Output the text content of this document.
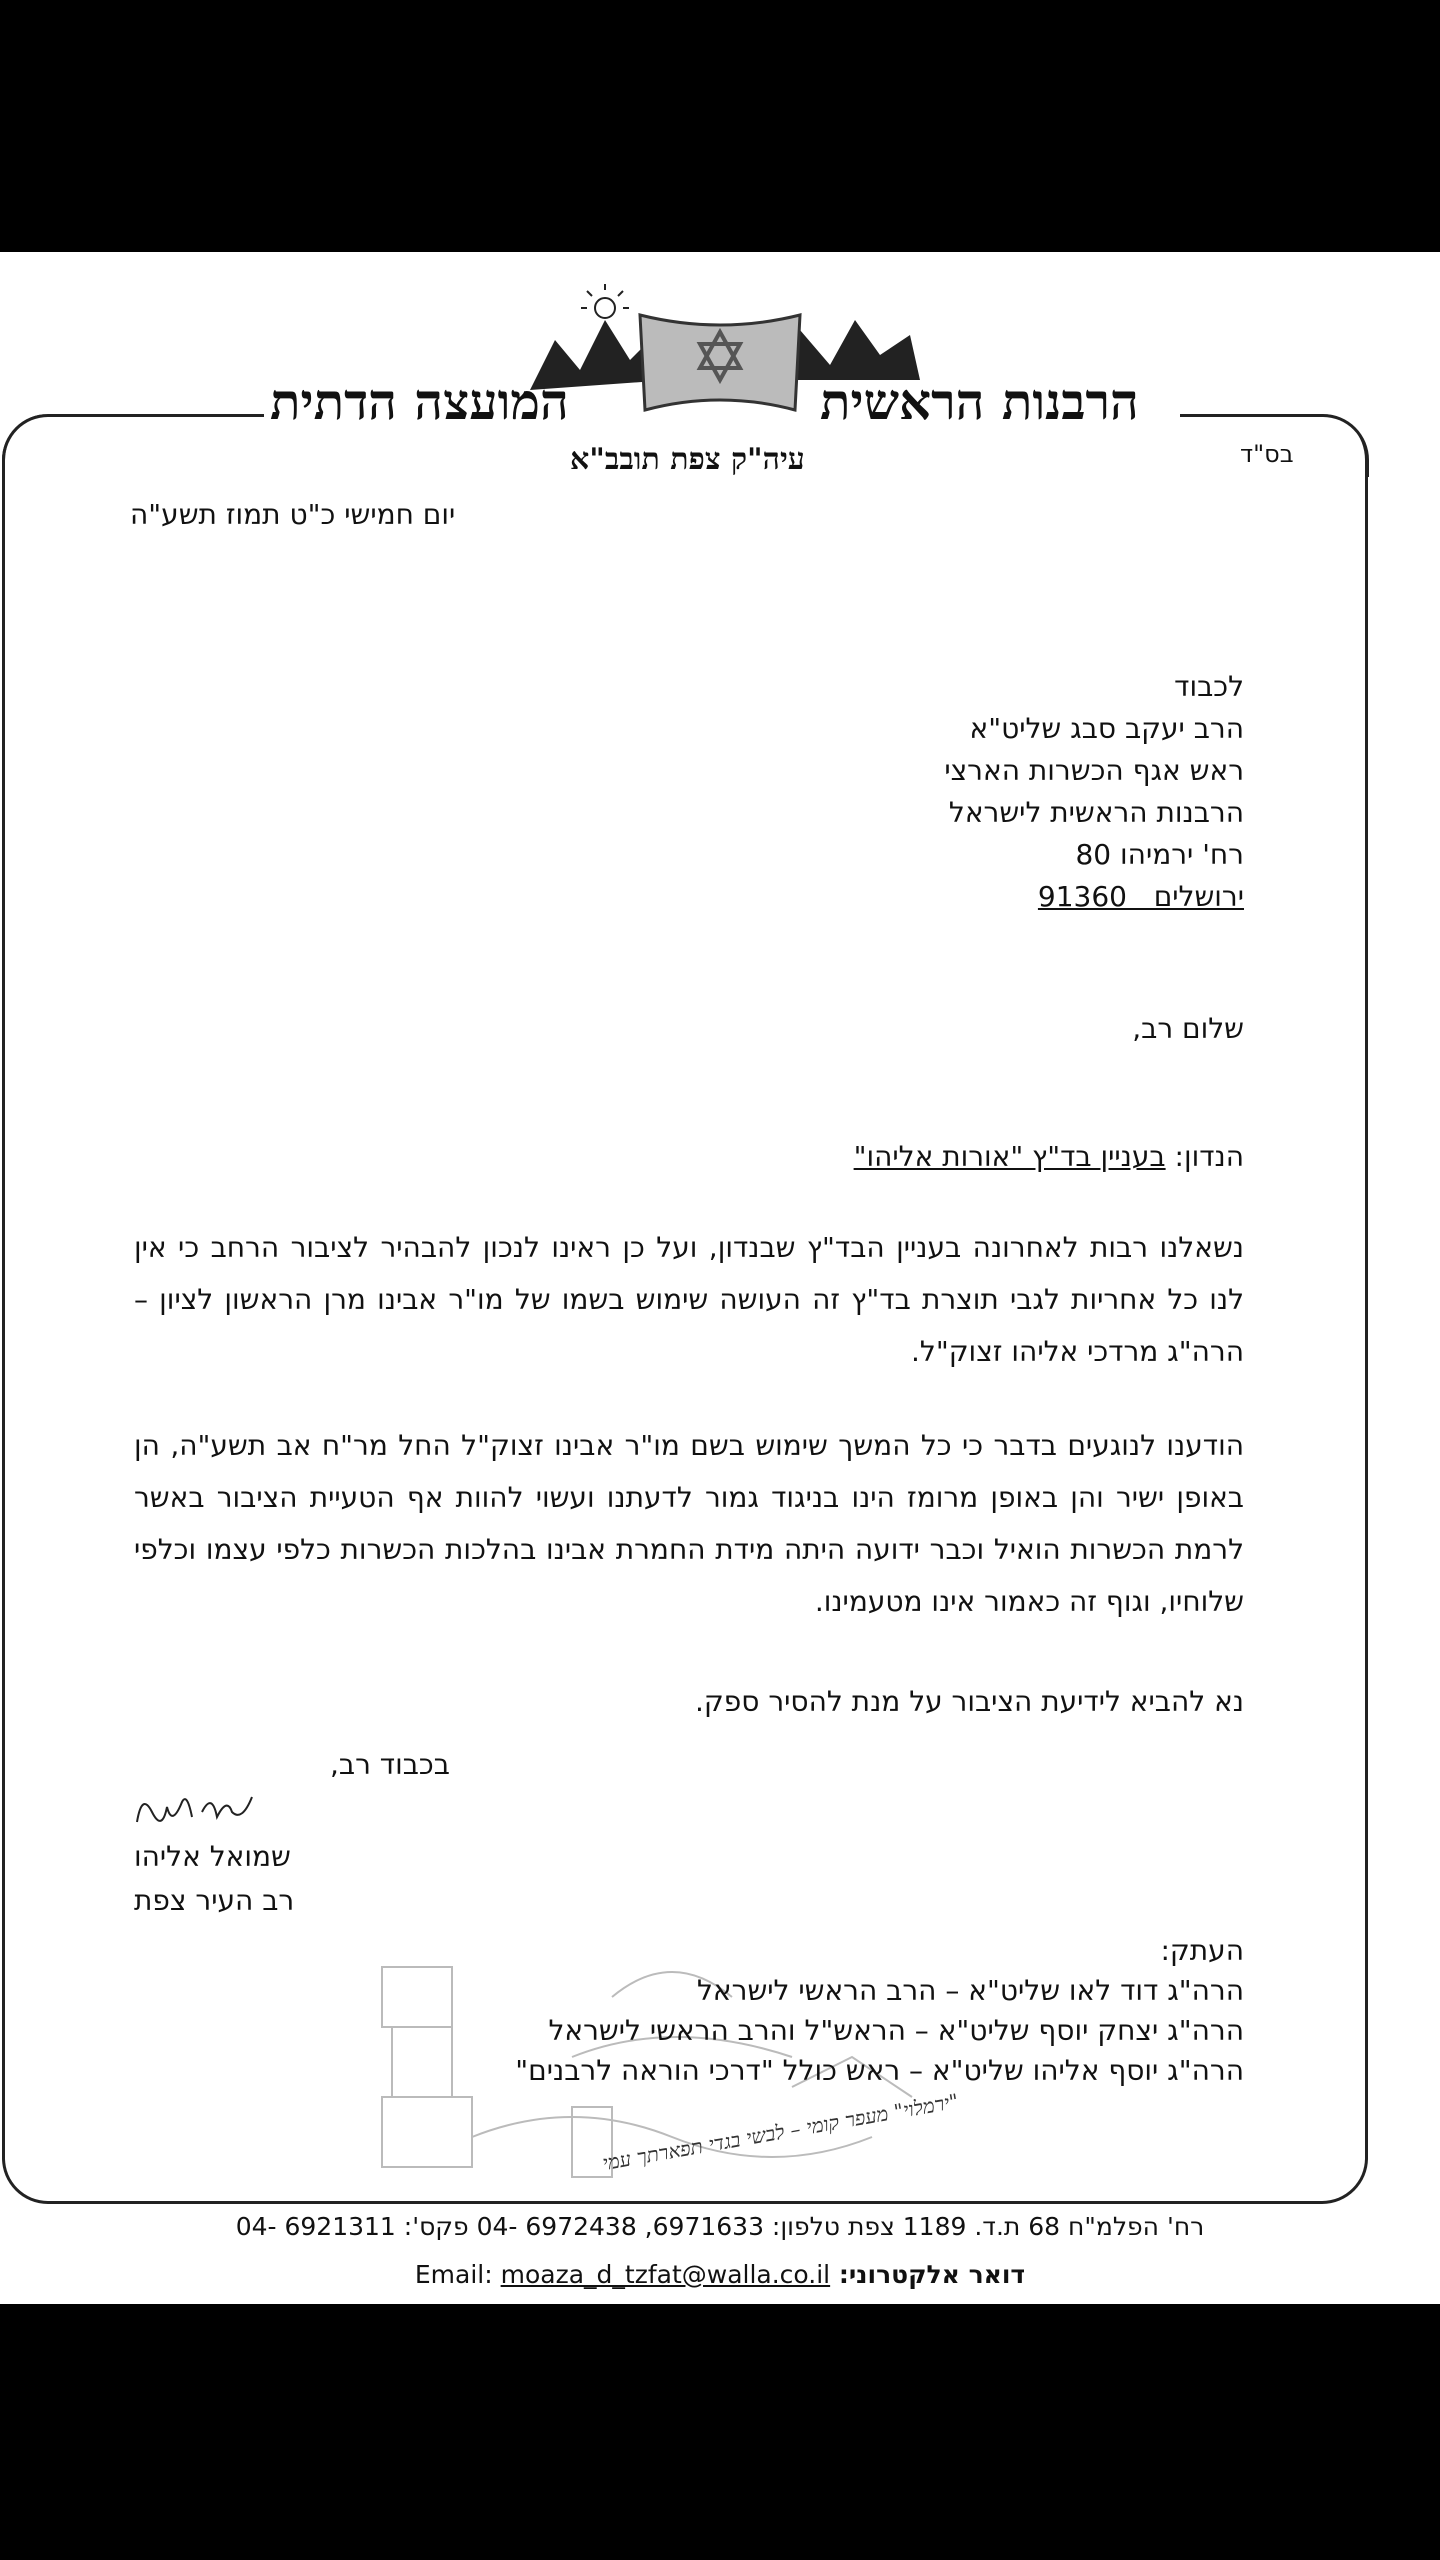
הרבנות הראשית
המועצה הדתית
עיה"ק צפת תובב"א	בס"ד
יום חמישי כ"ט תמוז תשע"ה
לכבוד
הרב יעקב סבג שליט"א
ראש אגף הכשרות הארצי
הרבנות הראשית לישראל
רח' ירמיהו 80
ירושלים   91360
שלום רב,
הנדון: בעניין בד"ץ "אורות אליהו"
נשאלנו רבות לאחרונה בעניין הבד"ץ שבנדון, ועל כן ראינו לנכון להבהיר לציבור הרחב כי אין לנו כל אחריות לגבי תוצרת בד"ץ זה העושה שימוש בשמו של מו"ר אבינו מרן הראשון לציון – הרה"ג מרדכי אליהו זצוק"ל.
הודענו לנוגעים בדבר כי כל המשך שימוש בשם מו"ר אבינו זצוק"ל החל מר"ח אב תשע"ה, הן באופן ישיר והן באופן מרומז הינו בניגוד גמור לדעתנו ועשוי להוות אף הטעיית הציבור באשר לרמת הכשרות הואיל וכבר ידועה היתה מידת החמרת אבינו בהלכות הכשרות כלפי עצמו וכלפי שלוחיו, וגוף זה כאמור אינו מטעמינו.
נא להביא לידיעת הציבור על מנת להסיר ספק.
בכבוד רב,
שמואל אליהו
רב העיר צפת
"ירמלוי" מעפר קומי – לבשי בגדי תפארתך עמי
העתק:
הרה"ג דוד לאו שליט"א – הרב הראשי לישראל
הרה"ג יצחק יוסף שליט"א – הראש"ל והרב הראשי לישראל
הרה"ג יוסף אליהו שליט"א – ראש כולל "דרכי הוראה לרבנים"
רח' הפלמ"ח 68 ת.ד. 1189 צפת טלפון: 6971633, 6972438 -04 פקס': 6921311 -04
דואר אלקטרוני: Email: moaza_d_tzfat@walla.co.il
